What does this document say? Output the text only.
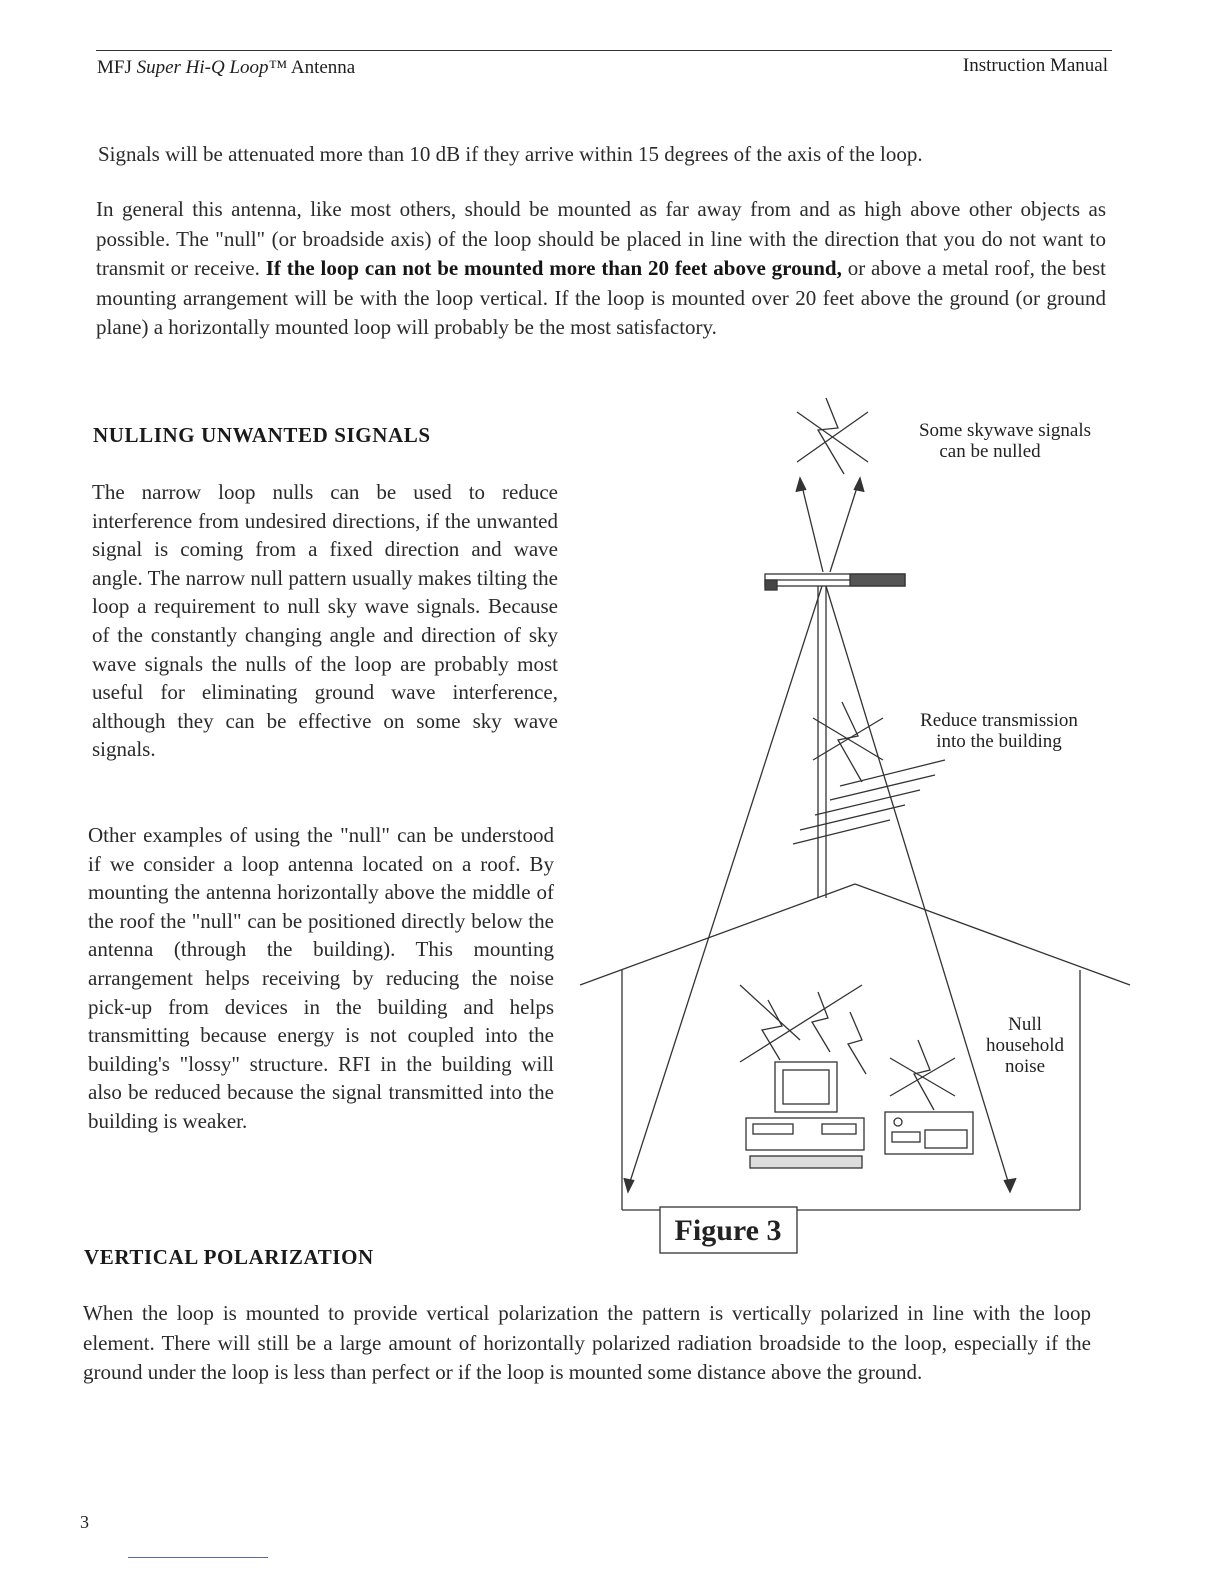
MFJ Super Hi-Q Loop™ Antenna	Instruction Manual
Signals will be attenuated more than 10 dB if they arrive within 15 degrees of the axis of the loop.
In general this antenna, like most others, should be mounted as far away from and as high above other objects as possible. The "null" (or broadside axis) of the loop should be placed in line with the direction that you do not want to transmit or receive. If the loop can not be mounted more than 20 feet above ground, or above a metal roof, the best mounting arrangement will be with the loop vertical. If the loop is mounted over 20 feet above the ground (or ground plane) a horizontally mounted loop will probably be the most satisfactory.
NULLING UNWANTED SIGNALS
The narrow loop nulls can be used to reduce interference from undesired directions, if the unwanted signal is coming from a fixed direction and wave angle. The narrow null pattern usually makes tilting the loop a requirement to null sky wave signals. Because of the constantly changing angle and direction of sky wave signals the nulls of the loop are probably most useful for eliminating ground wave interference, although they can be effective on some sky wave signals.
Other examples of using the "null" can be understood if we consider a loop antenna located on a roof. By mounting the antenna horizontally above the middle of the roof the "null" can be positioned directly below the antenna (through the building). This mounting arrangement helps receiving by reducing the noise pick-up from devices in the building and helps transmitting because energy is not coupled into the building's "lossy" structure. RFI in the building will also be reduced because the signal transmitted into the building is weaker.
VERTICAL POLARIZATION
When the loop is mounted to provide vertical polarization the pattern is vertically polarized in line with the loop element. There will still be a large amount of horizontally polarized radiation broadside to the loop, especially if the ground under the loop is less than perfect or if the loop is mounted some distance above the ground.
3
Some skywave signals
can be nulled
Reduce transmission
into the building
Null
household
noise
Figure 3
